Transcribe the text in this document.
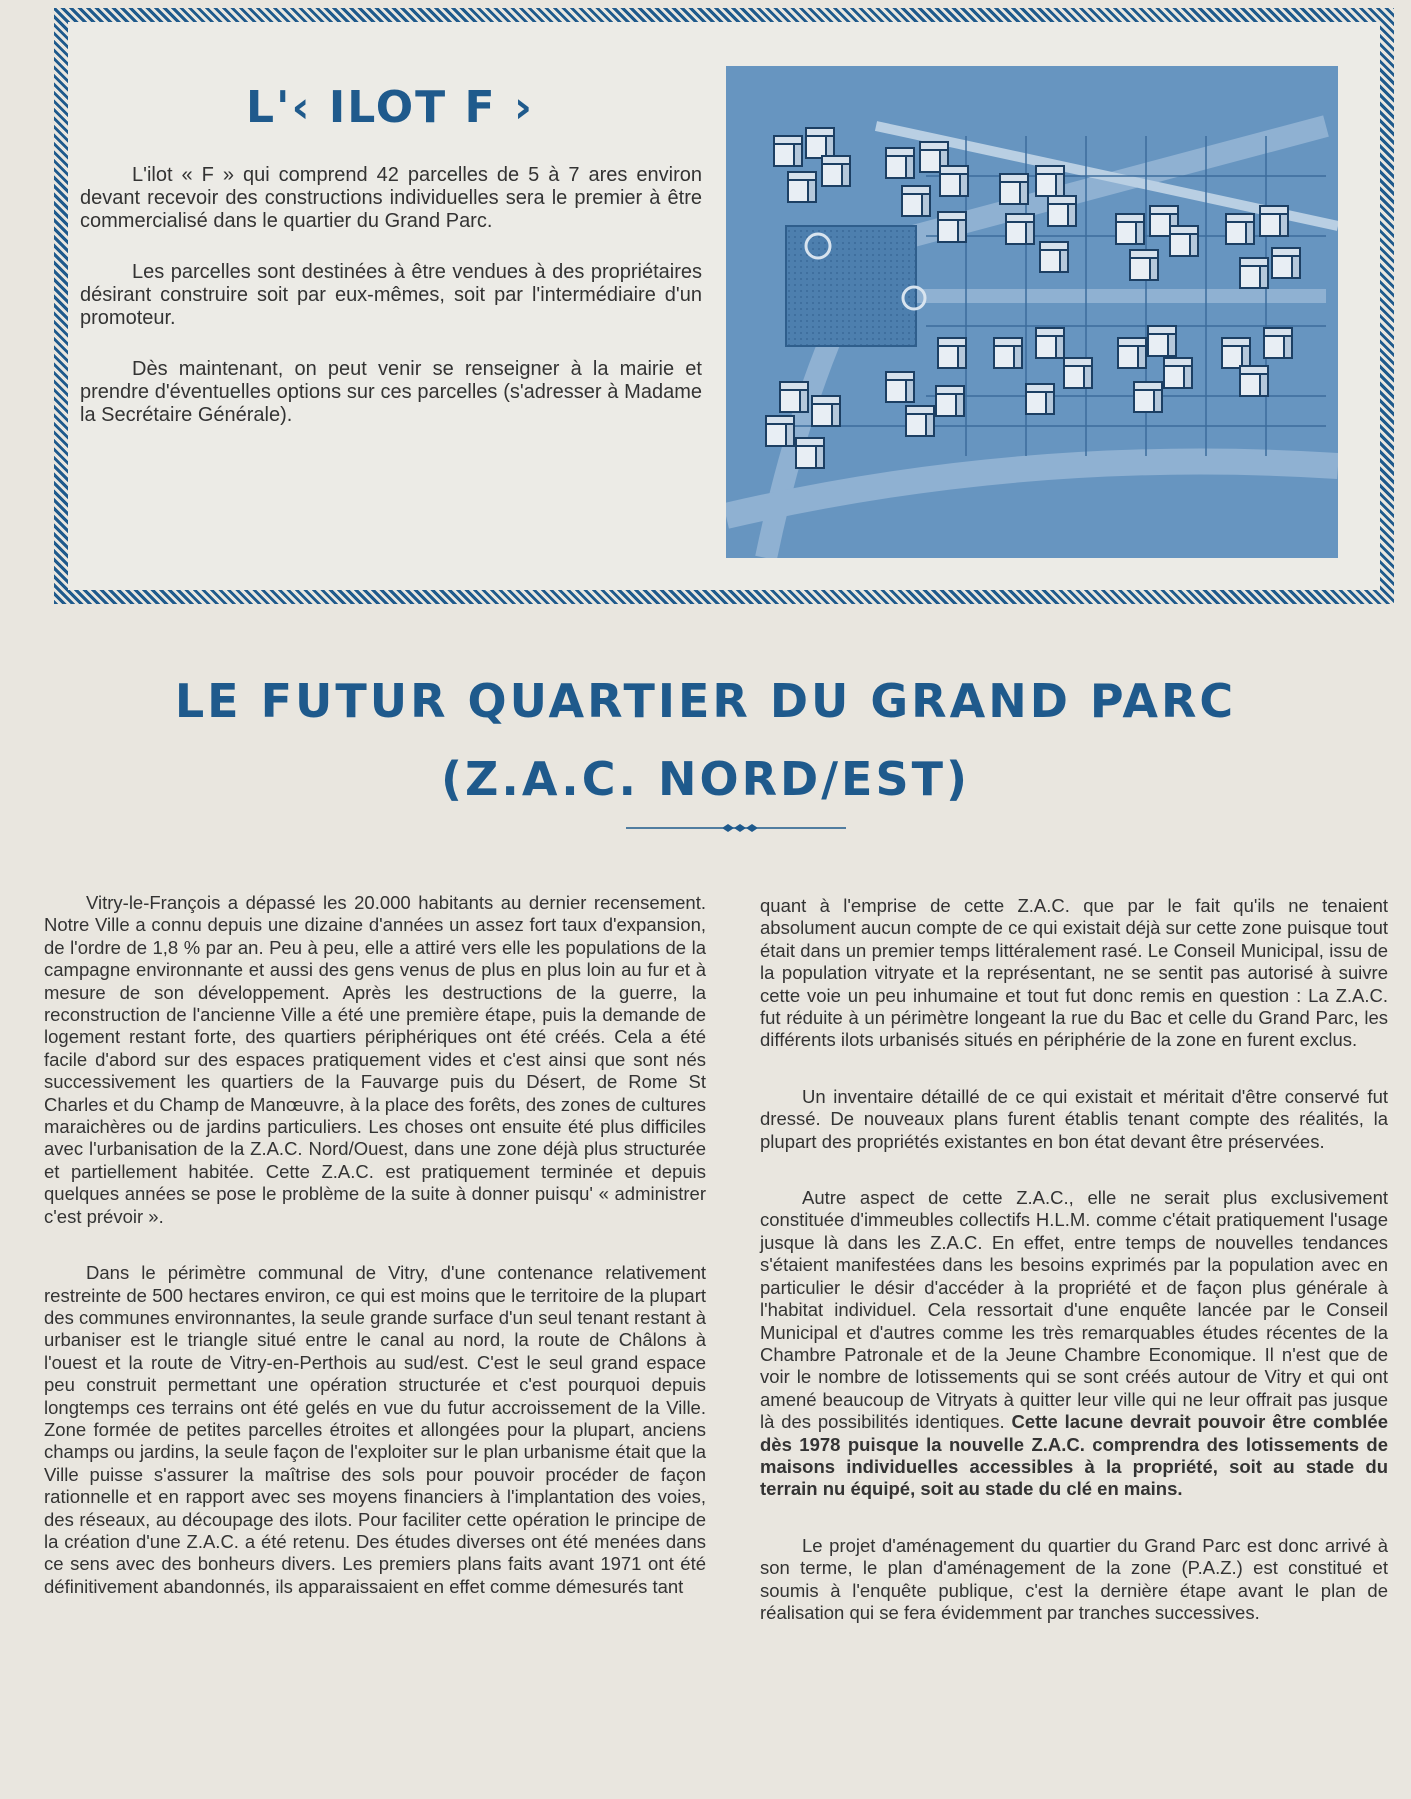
L'‹ ILOT F ›

L'ilot « F » qui comprend 42 parcelles de 5 à 7 ares environ devant recevoir des constructions individuelles sera le premier à être commercialisé dans le quartier du Grand Parc.

Les parcelles sont destinées à être vendues à des propriétaires désirant construire soit par eux-mêmes, soit par l'intermédiaire d'un promoteur.

Dès maintenant, on peut venir se renseigner à la mairie et prendre d'éventuelles options sur ces parcelles (s'adresser à Madame la Secrétaire Générale).

LE FUTUR QUARTIER DU GRAND PARC
(Z.A.C. NORD/EST)

Vitry-le-François a dépassé les 20.000 habitants au dernier recensement. Notre Ville a connu depuis une dizaine d'années un assez fort taux d'expansion, de l'ordre de 1,8 % par an. Peu à peu, elle a attiré vers elle les populations de la campagne environnante et aussi des gens venus de plus en plus loin au fur et à mesure de son développement. Après les destructions de la guerre, la reconstruction de l'ancienne Ville a été une première étape, puis la demande de logement restant forte, des quartiers périphériques ont été créés. Cela a été facile d'abord sur des espaces pratiquement vides et c'est ainsi que sont nés successivement les quartiers de la Fauvarge puis du Désert, de Rome St Charles et du Champ de Manœuvre, à la place des forêts, des zones de cultures maraichères ou de jardins particuliers. Les choses ont ensuite été plus difficiles avec l'urbanisation de la Z.A.C. Nord/Ouest, dans une zone déjà plus structurée et partiellement habitée. Cette Z.A.C. est pratiquement terminée et depuis quelques années se pose le problème de la suite à donner puisqu' « administrer c'est prévoir ».

Dans le périmètre communal de Vitry, d'une contenance relativement restreinte de 500 hectares environ, ce qui est moins que le territoire de la plupart des communes environnantes, la seule grande surface d'un seul tenant restant à urbaniser est le triangle situé entre le canal au nord, la route de Châlons à l'ouest et la route de Vitry-en-Perthois au sud/est. C'est le seul grand espace peu construit permettant une opération structurée et c'est pourquoi depuis longtemps ces terrains ont été gelés en vue du futur accroissement de la Ville. Zone formée de petites parcelles étroites et allongées pour la plupart, anciens champs ou jardins, la seule façon de l'exploiter sur le plan urbanisme était que la Ville puisse s'assurer la maîtrise des sols pour pouvoir procéder de façon rationnelle et en rapport avec ses moyens financiers à l'implantation des voies, des réseaux, au découpage des ilots. Pour faciliter cette opération le principe de la création d'une Z.A.C. a été retenu. Des études diverses ont été menées dans ce sens avec des bonheurs divers. Les premiers plans faits avant 1971 ont été définitivement abandonnés, ils apparaissaient en effet comme démesurés tant

quant à l'emprise de cette Z.A.C. que par le fait qu'ils ne tenaient absolument aucun compte de ce qui existait déjà sur cette zone puisque tout était dans un premier temps littéralement rasé. Le Conseil Municipal, issu de la population vitryate et la représentant, ne se sentit pas autorisé à suivre cette voie un peu inhumaine et tout fut donc remis en question : La Z.A.C. fut réduite à un périmètre longeant la rue du Bac et celle du Grand Parc, les différents ilots urbanisés situés en périphérie de la zone en furent exclus.

Un inventaire détaillé de ce qui existait et méritait d'être conservé fut dressé. De nouveaux plans furent établis tenant compte des réalités, la plupart des propriétés existantes en bon état devant être préservées.

Autre aspect de cette Z.A.C., elle ne serait plus exclusivement constituée d'immeubles collectifs H.L.M. comme c'était pratiquement l'usage jusque là dans les Z.A.C. En effet, entre temps de nouvelles tendances s'étaient manifestées dans les besoins exprimés par la population avec en particulier le désir d'accéder à la propriété et de façon plus générale à l'habitat individuel. Cela ressortait d'une enquête lancée par le Conseil Municipal et d'autres comme les très remarquables études récentes de la Chambre Patronale et de la Jeune Chambre Economique. Il n'est que de voir le nombre de lotissements qui se sont créés autour de Vitry et qui ont amené beaucoup de Vitryats à quitter leur ville qui ne leur offrait pas jusque là des possibilités identiques. Cette lacune devrait pouvoir être comblée dès 1978 puisque la nouvelle Z.A.C. comprendra des lotissements de maisons individuelles accessibles à la propriété, soit au stade du terrain nu équipé, soit au stade du clé en mains.

Le projet d'aménagement du quartier du Grand Parc est donc arrivé à son terme, le plan d'aménagement de la zone (P.A.Z.) est constitué et soumis à l'enquête publique, c'est la dernière étape avant le plan de réalisation qui se fera évidemment par tranches successives.
